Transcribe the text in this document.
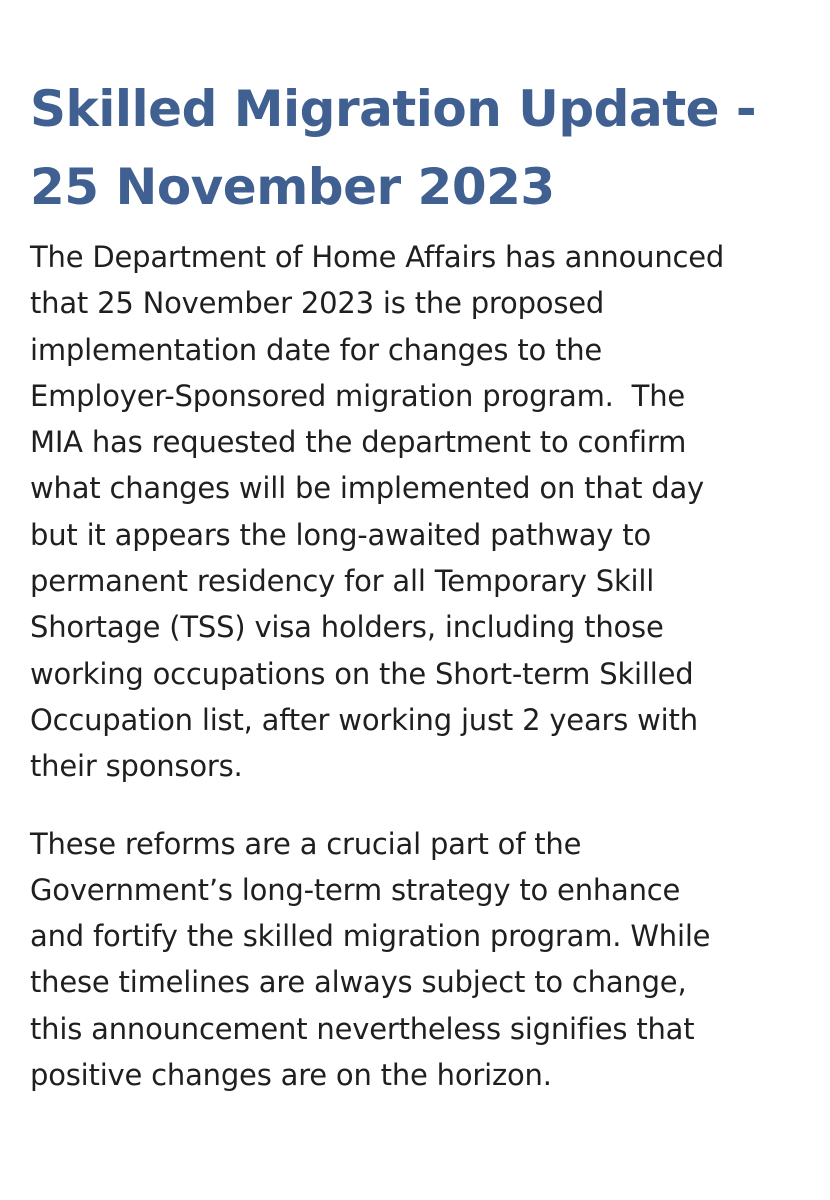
Skilled Migration Update -
25 November 2023
The Department of Home Affairs has announced
that 25 November 2023 is the proposed
implementation date for changes to the
Employer-Sponsored migration program.  The
MIA has requested the department to confirm
what changes will be implemented on that day
but it appears the long-awaited pathway to
permanent residency for all Temporary Skill
Shortage (TSS) visa holders, including those
working occupations on the Short-term Skilled
Occupation list, after working just 2 years with
their sponsors.
These reforms are a crucial part of the
Government’s long-term strategy to enhance
and fortify the skilled migration program. While
these timelines are always subject to change,
this announcement nevertheless signifies that
positive changes are on the horizon.
